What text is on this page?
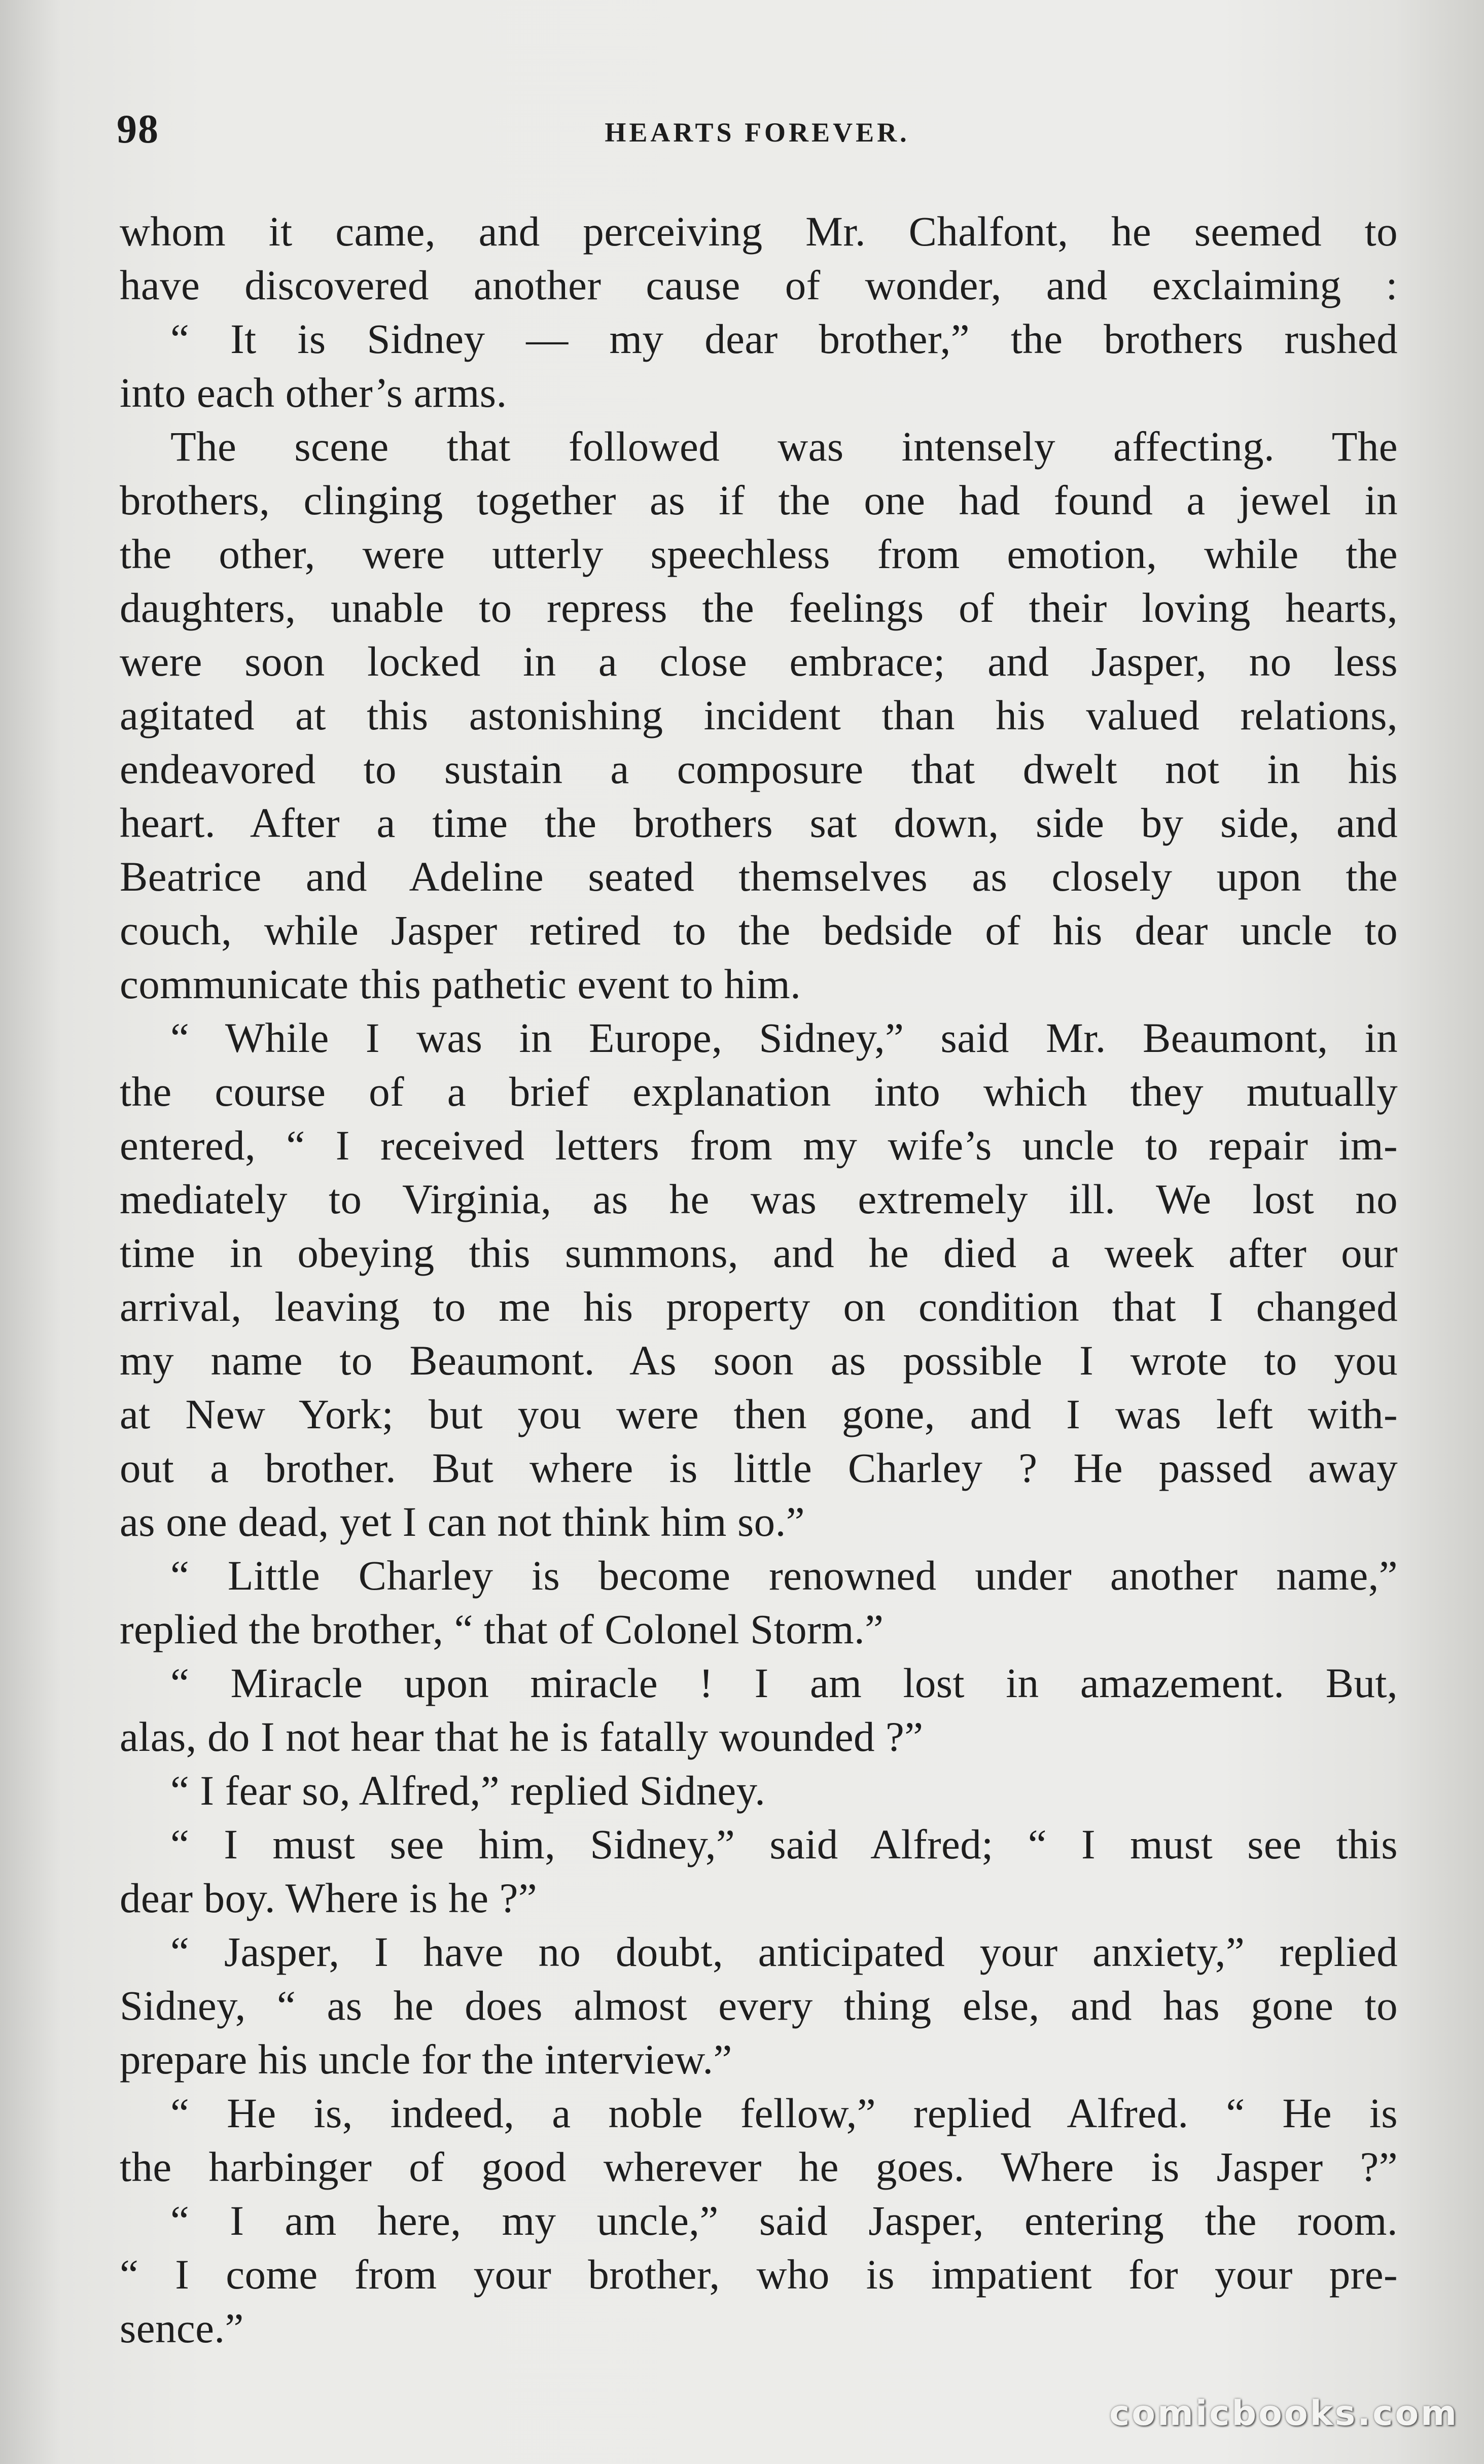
98	HEARTS FOREVER.
whom it came, and perceiving Mr. Chalfont, he seemed to
have discovered another cause of wonder, and exclaiming :
“ It is Sidney — my dear brother,” the brothers rushed
into each other’s arms.
The scene that followed was intensely affecting. The
brothers, clinging together as if the one had found a jewel in
the other, were utterly speechless from emotion, while the
daughters, unable to repress the feelings of their loving hearts,
were soon locked in a close embrace; and Jasper, no less
agitated at this astonishing incident than his valued relations,
endeavored to sustain a composure that dwelt not in his
heart. After a time the brothers sat down, side by side, and
Beatrice and Adeline seated themselves as closely upon the
couch, while Jasper retired to the bedside of his dear uncle to
communicate this pathetic event to him.
“ While I was in Europe, Sidney,” said Mr. Beaumont, in
the course of a brief explanation into which they mutually
entered, “ I received letters from my wife’s uncle to repair im-
mediately to Virginia, as he was extremely ill. We lost no
time in obeying this summons, and he died a week after our
arrival, leaving to me his property on condition that I changed
my name to Beaumont. As soon as possible I wrote to you
at New York; but you were then gone, and I was left with-
out a brother. But where is little Charley ? He passed away
as one dead, yet I can not think him so.”
“ Little Charley is become renowned under another name,”
replied the brother, “ that of Colonel Storm.”
“ Miracle upon miracle ! I am lost in amazement. But,
alas, do I not hear that he is fatally wounded ?”
“ I fear so, Alfred,” replied Sidney.
“ I must see him, Sidney,” said Alfred; “ I must see this
dear boy. Where is he ?”
“ Jasper, I have no doubt, anticipated your anxiety,” replied
Sidney, “ as he does almost every thing else, and has gone to
prepare his uncle for the interview.”
“ He is, indeed, a noble fellow,” replied Alfred. “ He is
the harbinger of good wherever he goes. Where is Jasper ?”
“ I am here, my uncle,” said Jasper, entering the room.
“ I come from your brother, who is impatient for your pre-
sence.”
comicbooks.com
